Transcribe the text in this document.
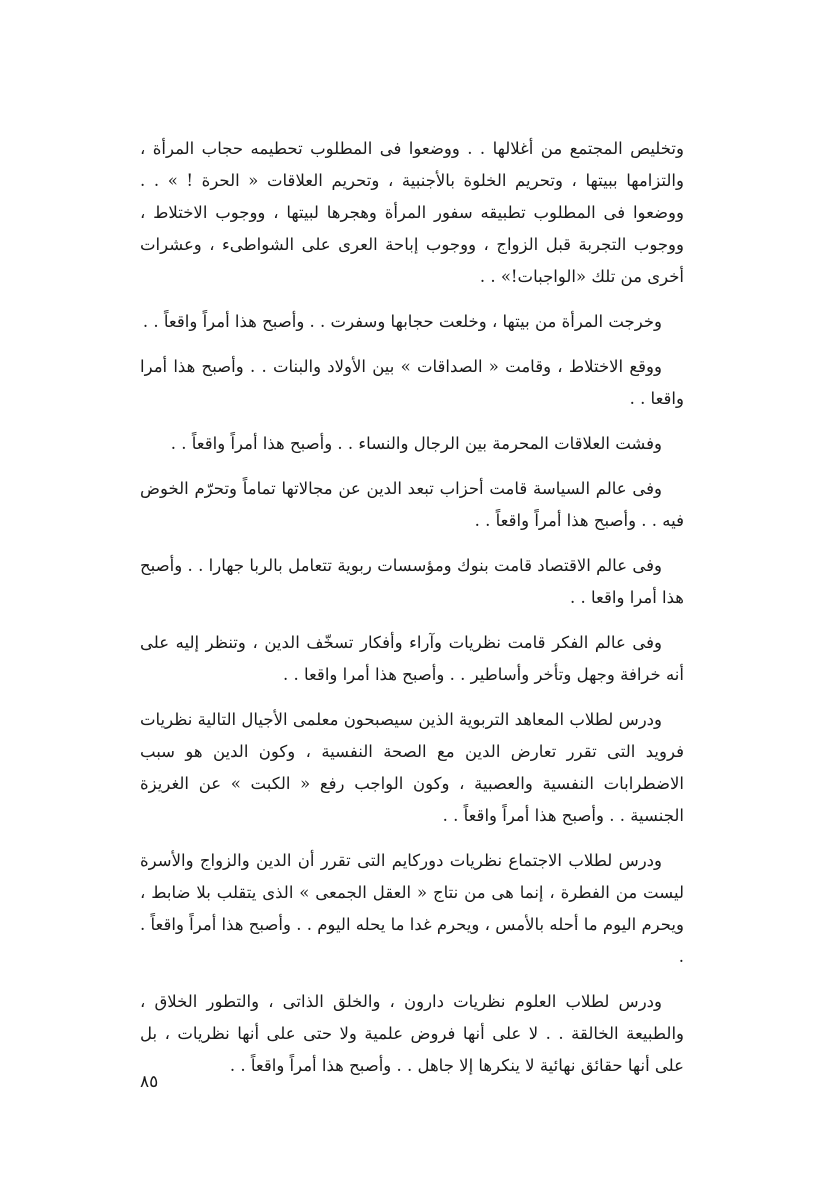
وتخليص المجتمع من أغلالها . . ووضعوا فى المطلوب تحطيمه حجاب المرأة ، والتزامها ببيتها ، وتحريم الخلوة بالأجنبية ، وتحريم العلاقات « الحرة ! » . . ووضعوا فى المطلوب تطبيقه سفور المرأة وهجرها لبيتها ، ووجوب الاختلاط ، ووجوب التجربة قبل الزواج ، ووجوب إباحة العرى على الشواطىء ، وعشرات أخرى من تلك «الواجبات!» . .

وخرجت المرأة من بيتها ، وخلعت حجابها وسفرت . . وأصبح هذا أمراً واقعاً . .

ووقع الاختلاط ، وقامت « الصداقات » بين الأولاد والبنات . . وأصبح هذا أمرا واقعا . .

وفشت العلاقات المحرمة بين الرجال والنساء . . وأصبح هذا أمراً واقعاً . .

وفى عالم السياسة قامت أحزاب تبعد الدين عن مجالاتها تماماً وتحرّم الخوض فيه . . وأصبح هذا أمراً واقعاً . .

وفى عالم الاقتصاد قامت بنوك ومؤسسات ربوية تتعامل بالربا جهارا . . وأصبح هذا أمرا واقعا . .

وفى عالم الفكر قامت نظريات وآراء وأفكار تسخّف الدين ، وتنظر إليه على أنه خرافة وجهل وتأخر وأساطير . . وأصبح هذا أمرا واقعا . .

ودرس لطلاب المعاهد التربوية الذين سيصبحون معلمى الأجيال التالية نظريات فرويد التى تقرر تعارض الدين مع الصحة النفسية ، وكون الدين هو سبب الاضطرابات النفسية والعصبية ، وكون الواجب رفع « الكبت » عن الغريزة الجنسية . . وأصبح هذا أمراً واقعاً . .

ودرس لطلاب الاجتماع نظريات دوركايم التى تقرر أن الدين والزواج والأسرة ليست من الفطرة ، إنما هى من نتاج « العقل الجمعى » الذى يتقلب بلا ضابط ، ويحرم اليوم ما أحله بالأمس ، ويحرم غدا ما يحله اليوم . . وأصبح هذا أمراً واقعاً . .

ودرس لطلاب العلوم نظريات دارون ، والخلق الذاتى ، والتطور الخلاق ، والطبيعة الخالقة . . لا على أنها فروض علمية ولا حتى على أنها نظريات ، بل على أنها حقائق نهائية لا ينكرها إلا جاهل . . وأصبح هذا أمراً واقعاً . .

٨٥
